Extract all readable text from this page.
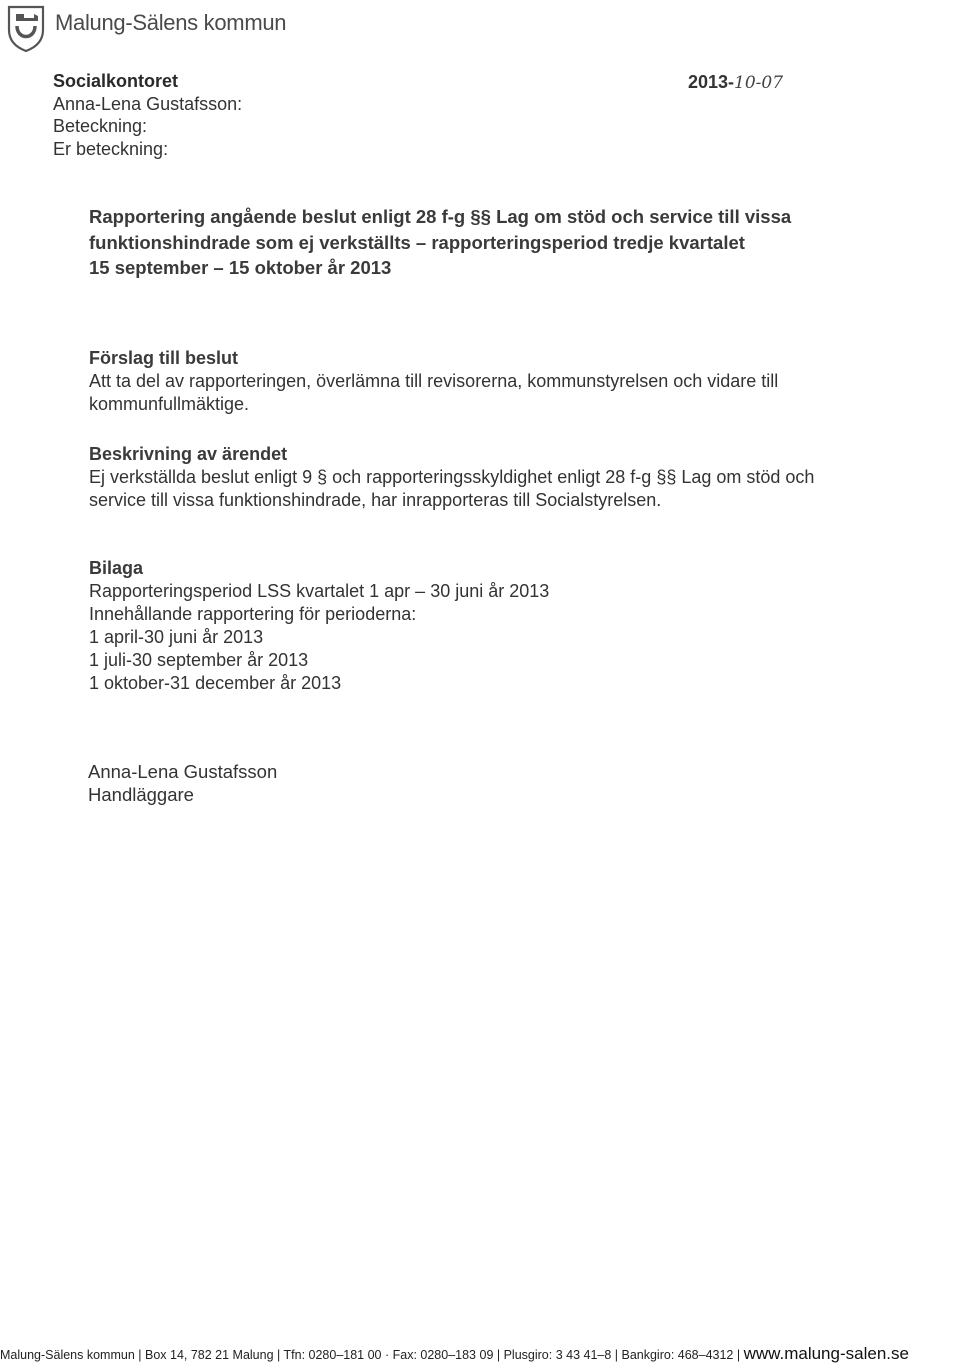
Malung-Sälens kommun
Socialkontoret
Anna-Lena Gustafsson:
Beteckning:
Er beteckning:
2013-10-07
Rapportering angående beslut enligt 28 f-g §§ Lag om stöd och service till vissa
funktionshindrade som ej verkställts – rapporteringsperiod tredje kvartalet
15 september – 15 oktober år 2013
Förslag till beslut

Att ta del av rapporteringen, överlämna till revisorerna, kommunstyrelsen och vidare till

kommunfullmäktige.

Beskrivning av ärendet

Ej verkställda beslut enligt 9 § och rapporteringsskyldighet enligt 28 f-g §§ Lag om stöd och

service till vissa funktionshindrade, har inrapporteras till Socialstyrelsen.

Bilaga

Rapporteringsperiod LSS kvartalet 1 apr – 30 juni år 2013

Innehållande rapportering för perioderna:

1 april-30 juni år 2013

1 juli-30 september år 2013

1 oktober-31 december år 2013

Anna-Lena Gustafsson
Handläggare
Malung-Sälens kommun | Box 14, 782 21 Malung | Tfn: 0280–181 00 · Fax: 0280–183 09 | Plusgiro: 3 43 41–8 | Bankgiro: 468–4312 | www.malung-salen.se
